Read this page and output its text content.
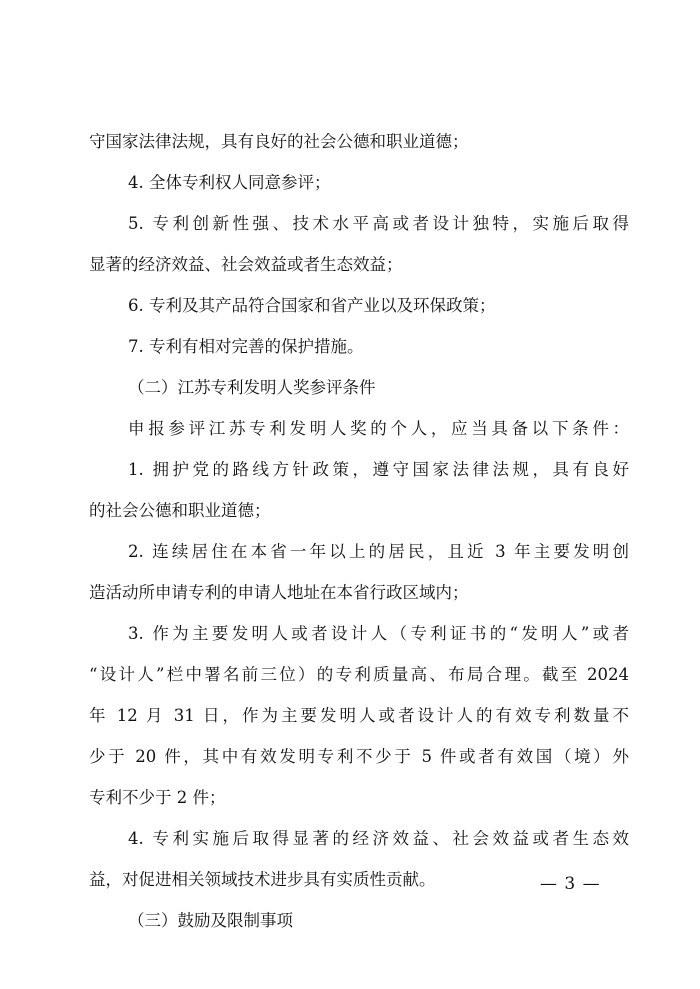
守国家法律法规，具有良好的社会公德和职业道德；

4. 全体专利权人同意参评；

5. 专利创新性强、技术水平高或者设计独特，实施后取得

显著的经济效益、社会效益或者生态效益；

6. 专利及其产品符合国家和省产业以及环保政策；

7. 专利有相对完善的保护措施。

（二）江苏专利发明人奖参评条件

申报参评江苏专利发明人奖的个人，应当具备以下条件：

1. 拥护党的路线方针政策，遵守国家法律法规，具有良好

的社会公德和职业道德；

2. 连续居住在本省一年以上的居民，且近 3 年主要发明创

造活动所申请专利的申请人地址在本省行政区域内；

3. 作为主要发明人或者设计人（专利证书的“发明人”或者

“设计人”栏中署名前三位）的专利质量高、布局合理。截至 2024

年 12 月 31 日，作为主要发明人或者设计人的有效专利数量不

少于 20 件，其中有效发明专利不少于 5 件或者有效国（境）外

专利不少于 2 件；

4. 专利实施后取得显著的经济效益、社会效益或者生态效

益，对促进相关领域技术进步具有实质性贡献。

（三）鼓励及限制事项

— 3 —
